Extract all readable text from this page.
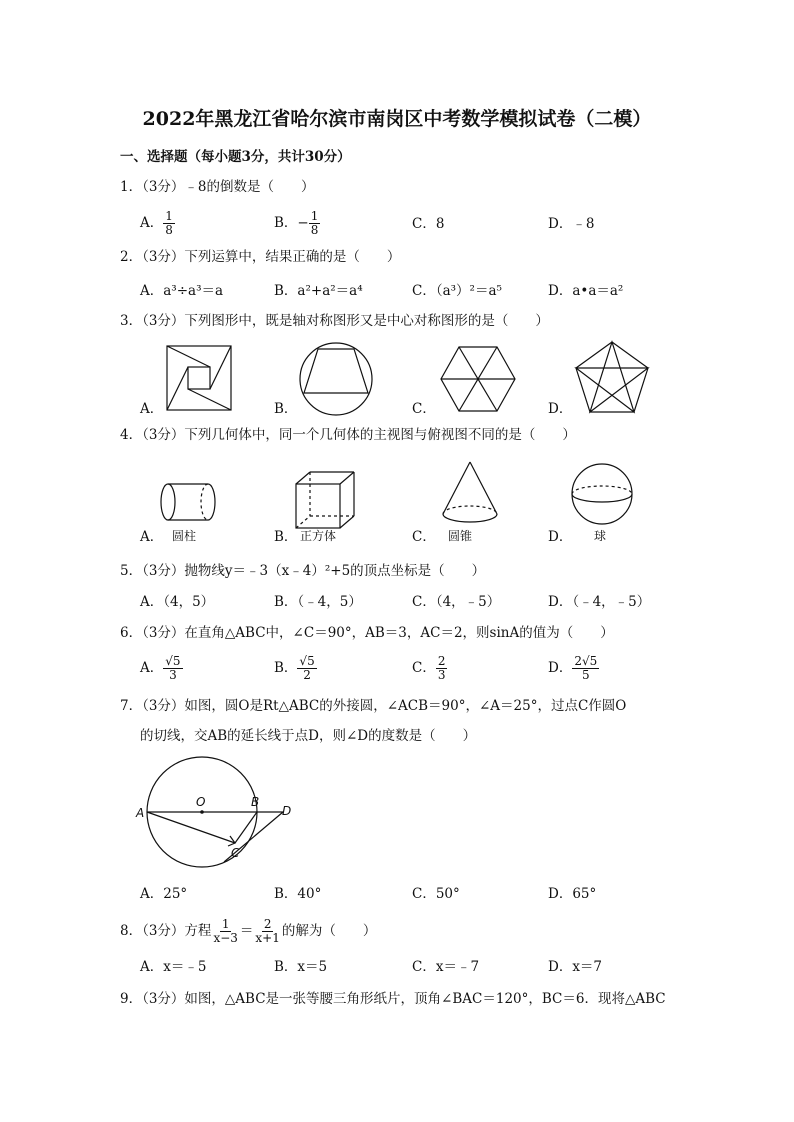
2022年黑龙江省哈尔滨市南岗区中考数学模拟试卷（二模）
一、选择题（每小题3分，共计30分）
1．（3分）﹣8的倒数是（　　）
A． $\frac{1}{8}$	B．− $\frac{1}{8}$	C．8	D．﹣8
2．（3分）下列运算中，结果正确的是（　　）
A．a³÷a³＝a	B．a²+a²＝a⁴	C．（a³）²＝a⁵	D．a•a＝a²
3．（3分）下列图形中，既是轴对称图形又是中心对称图形的是（　　）
A．	B．	C．	D．
4．（3分）下列几何体中，同一个几何体的主视图与俯视图不同的是（　　）
A．	B．	C．	D．
圆柱	正方体	圆锥	球
5．（3分）抛物线y＝﹣3（x﹣4）²+5的顶点坐标是（　　）
A．（4，5）	B．（﹣4，5）	C．（4，﹣5）	D．（﹣4，﹣5）
6．（3分）在直角△ABC中，∠C＝90°，AB＝3，AC＝2，则sinA的值为（　　）
A． $\frac{√5}{3}$	B． $\frac{√5}{2}$	C． $\frac{2}{3}$	D． $\frac{2√5}{5}$
7．（3分）如图，圆O是Rt△ABC的外接圆，∠ACB＝90°，∠A＝25°，过点C作圆O
的切线，交AB的延长线于点D，则∠D的度数是（　　）
A
O	B
D
C
A．25°	B．40°	C．50°	D．65°
8．（3分）方程 $\frac{1}{x-3} = \frac{2}{x+1}$ 的解为（　　）
A．x＝﹣5	B．x＝5	C．x＝﹣7	D．x＝7
9．（3分）如图，△ABC是一张等腰三角形纸片，顶角∠BAC＝120°，BC＝6．现将△ABC
